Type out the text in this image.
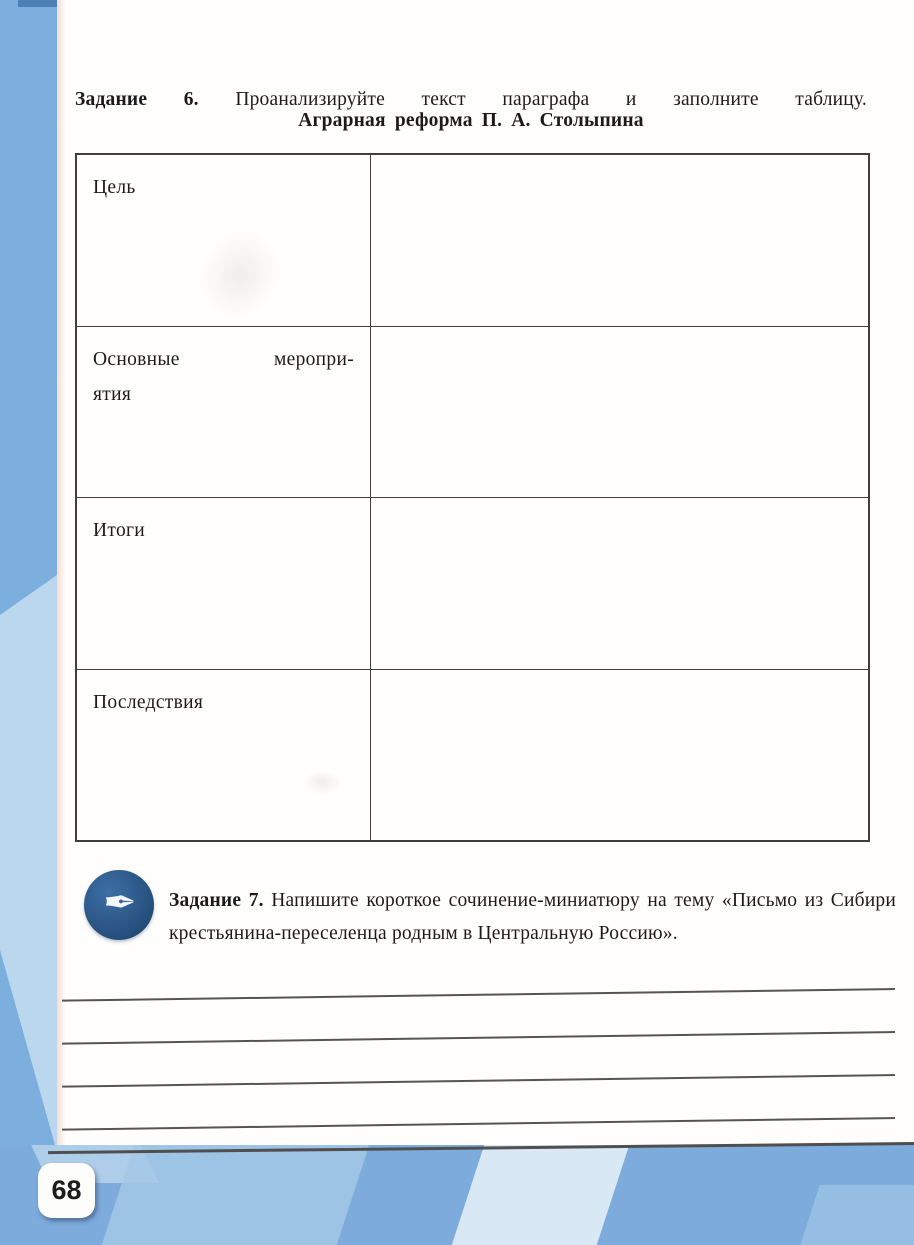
Задание 6. Проанализируйте текст параграфа и заполните таблицу.

Аграрная реформа П. А. Столыпина
Цель
Основные меропри-
ятия
Итоги
Последствия
✒ Задание 7. Напишите короткое сочинение-миниатюру на тему «Письмо из Сибири крестьянина-переселенца родным в Центральную Россию».

68
